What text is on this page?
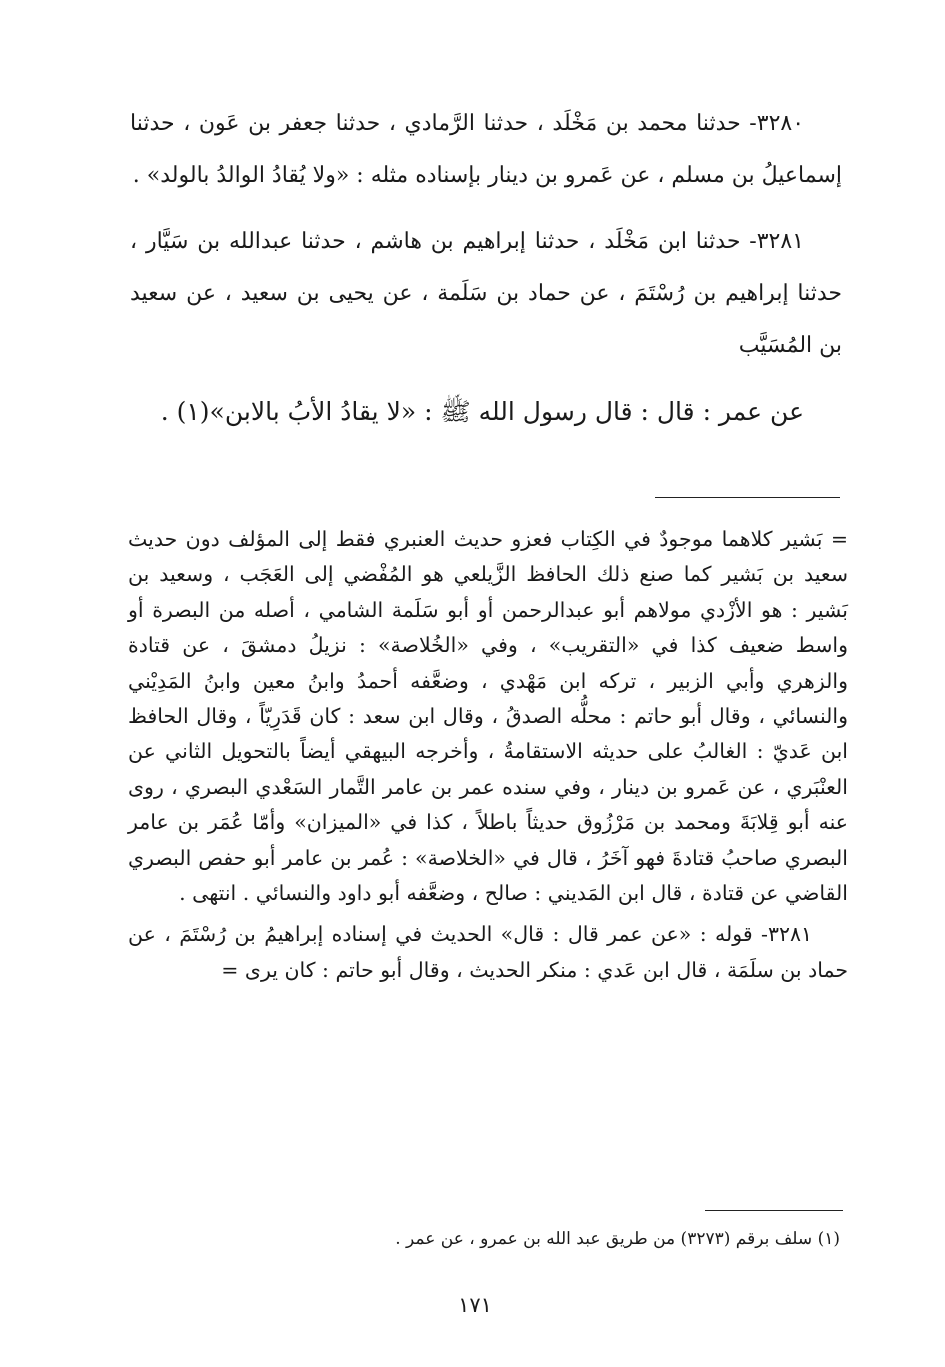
٣٢٨٠- حدثنا محمد بن مَخْلَد ، حدثنا الرَّمادي ، حدثنا جعفر بن عَون ، حدثنا إسماعيلُ بن مسلم ، عن عَمرو بن دينار بإسناده مثله : «ولا يُقادُ الوالدُ بالولد» .

٣٢٨١- حدثنا ابن مَخْلَد ، حدثنا إبراهيم بن هاشم ، حدثنا عبدالله بن سَيَّار ، حدثنا إبراهيم بن رُسْتَمَ ، عن حماد بن سَلَمة ، عن يحيى بن سعيد ، عن سعيد بن المُسَيَّب

عن عمر : قال : قال رسول الله ﷺ : «لا يقادُ الأبُ بالابن»(١) .

= بَشير كلاهما موجودٌ في الكِتاب فعزو حديث العنبري فقط إلى المؤلف دون حديث سعيد بن بَشير كما صنع ذلك الحافظ الزَّيلعي هو المُفْضي إلى العَجَب ، وسعيد بن بَشير : هو الأزْدي مولاهم أبو عبدالرحمن أو أبو سَلَمة الشامي ، أصله من البصرة أو واسط ضعيف كذا في «التقريب» ، وفي «الخُلاصة» : نزيلُ دمشقَ ، عن قتادة والزهري وأبي الزبير ، تركه ابن مَهْدي ، وضعَّفه أحمدُ وابنُ معين وابنُ المَدِيْني والنسائي ، وقال أبو حاتم : محلُّه الصدقُ ، وقال ابن سعد : كان قَدَرِيّاً ، وقال الحافظ ابن عَديّ : الغالبُ على حديثه الاستقامةُ ، وأخرجه البيهقي أيضاً بالتحويل الثاني عن العنْبَري ، عن عَمرو بن دينار ، وفي سنده عمر بن عامر التَّمار السَعْدي البصري ، روى عنه أبو قِلابَةَ ومحمد بن مَرْزُوق حديثاً باطلاً ، كذا في «الميزان» وأمّا عُمَر بن عامر البصري صاحبُ قتادةَ فهو آخَرُ ، قال في «الخلاصة» : عُمر بن عامر أبو حفص البصري القاضي عن قتادة ، قال ابن المَديني : صالح ، وضعَّفه أبو داود والنسائي . انتهى .

٣٢٨١- قوله : «عن عمر قال : قال» الحديث في إسناده إبراهيمُ بن رُسْتَمَ ، عن حماد بن سلَمَة ، قال ابن عَدي : منكر الحديث ، وقال أبو حاتم : كان يرى =

(١) سلف برقم (٣٢٧٣) من طريق عبد الله بن عمرو ، عن عمر .

١٧١
